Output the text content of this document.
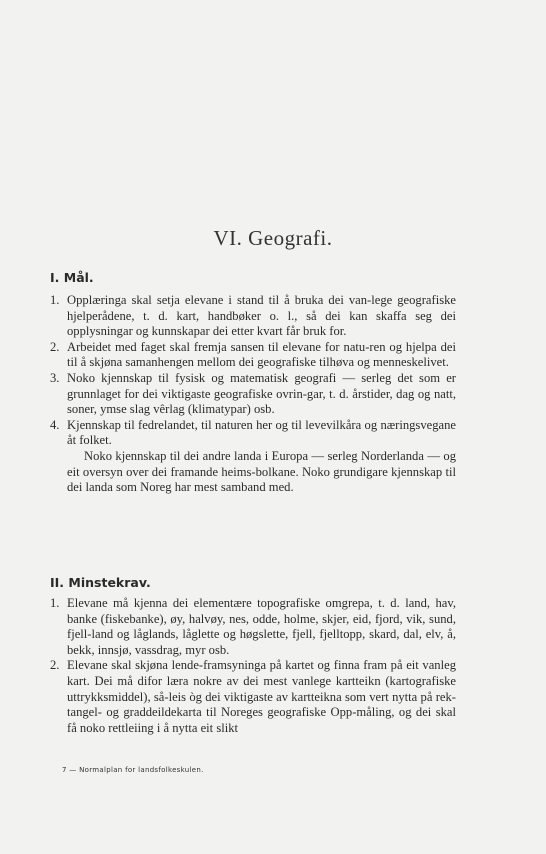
VI. Geografi.
I. Mål.
1. Opplæringa skal setja elevane i stand til å bruka dei van-lege geografiske hjelperådene, t. d. kart, handbøker o. l., så dei kan skaffa seg dei opplysningar og kunnskapar dei etter kvart får bruk for.
2. Arbeidet med faget skal fremja sansen til elevane for natu-ren og hjelpa dei til å skjøna samanhengen mellom dei geografiske tilhøva og menneskelivet.
3. Noko kjennskap til fysisk og matematisk geografi — serleg det som er grunnlaget for dei viktigaste geografiske ovrin-gar, t. d. årstider, dag og natt, soner, ymse slag vêrlag (klimatypar) osb.
4. Kjennskap til fedrelandet, til naturen her og til levevilkåra og næringsvegane åt folket.
Noko kjennskap til dei andre landa i Europa — serleg Norderlanda — og eit oversyn over dei framande heims-bolkane. Noko grundigare kjennskap til dei landa som Noreg har mest samband med.
II. Minstekrav.
1. Elevane må kjenna dei elementære topografiske omgrepa, t. d. land, hav, banke (fiskebanke), øy, halvøy, nes, odde, holme, skjer, eid, fjord, vik, sund, fjell-land og låglands, låglette og høgslette, fjell, fjelltopp, skard, dal, elv, å, bekk, innsjø, vassdrag, myr osb.
2. Elevane skal skjøna lende-framsyninga på kartet og finna fram på eit vanleg kart. Dei må difor læra nokre av dei mest vanlege kartteikn (kartografiske uttrykksmiddel), så-leis òg dei viktigaste av kartteikna som vert nytta på rek-tangel- og graddeildekarta til Noreges geografiske Opp-måling, og dei skal få noko rettleiing i å nytta eit slikt
7 — Normalplan for landsfolkeskulen.
